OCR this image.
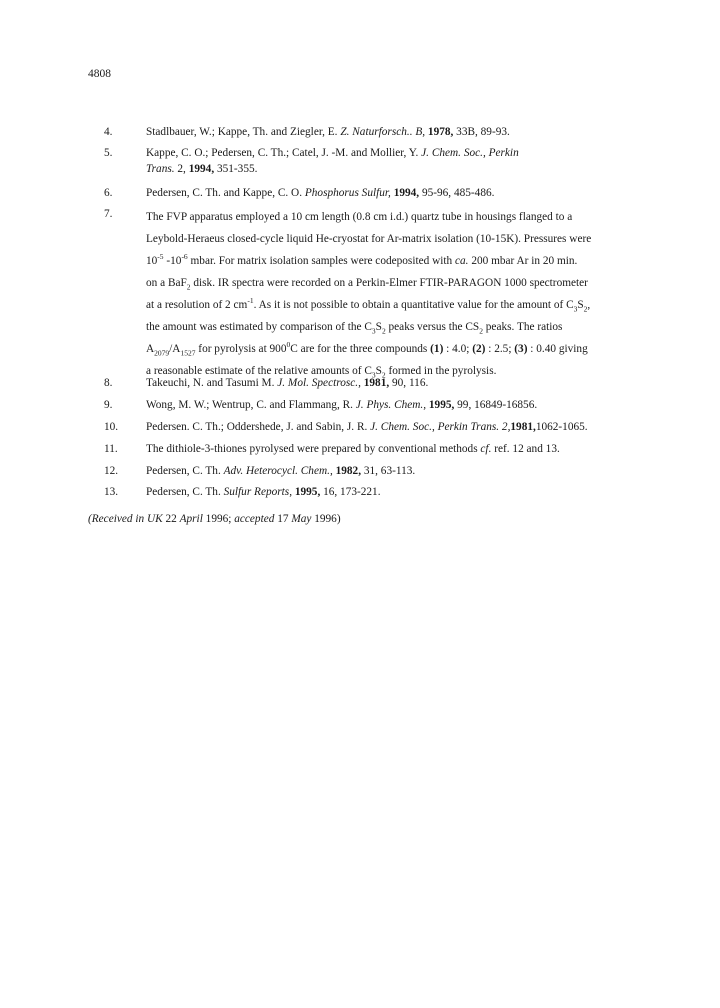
4808
4.	Stadlbauer, W.; Kappe, Th. and Ziegler, E. Z. Naturforsch.. B, 1978, 33B, 89-93.
5.	Kappe, C. O.; Pedersen, C. Th.; Catel, J. -M. and Mollier, Y. J. Chem. Soc., Perkin
Trans. 2, 1994, 351-355.
6.	Pedersen, C. Th. and Kappe, C. O. Phosphorus Sulfur, 1994, 95-96, 485-486.
7.	The FVP apparatus employed a 10 cm length (0.8 cm i.d.) quartz tube in housings flanged to a
Leybold-Heraeus closed-cycle liquid He-cryostat for Ar-matrix isolation (10-15K). Pressures were
$10^{-5}$ $-10^{-6}$ mbar. For matrix isolation samples were codeposited with ca. 200 mbar Ar in 20 min.
on a BaF$_2$ disk. IR spectra were recorded on a Perkin-Elmer FTIR-PARAGON 1000 spectrometer
at a resolution of 2 $cm^{-1}$. As it is not possible to obtain a quantitative value for the amount of $C_3S_2$,
the amount was estimated by comparison of the $C_3S_2$ peaks versus the $CS_2$ peaks. The ratios
$A_{2079}/A_{1527}$ for pyrolysis at $900^0C$ are for the three compounds (1) : 4.0; (2) : 2.5; (3) : 0.40 giving
a reasonable estimate of the relative amounts of $C_3S_2$ formed in the pyrolysis.
8.	Takeuchi, N. and Tasumi M. J. Mol. Spectrosc., 1981, 90, 116.
9.	Wong, M. W.; Wentrup, C. and Flammang, R. J. Phys. Chem., 1995, 99, 16849-16856.
10. Pedersen. C. Th.; Oddershede, J. and Sabin, J. R. J. Chem. Soc., Perkin Trans. 2,1981,1062-1065.
11.	The dithiole-3-thiones pyrolysed were prepared by conventional methods cf. ref. 12 and 13.
12. Pedersen, C. Th. Adv. Heterocycl. Chem., 1982, 31, 63-113.
13. Pedersen, C. Th. Sulfur Reports, 1995, 16, 173-221.
(Received in UK 22 April 1996; accepted 17 May 1996)
